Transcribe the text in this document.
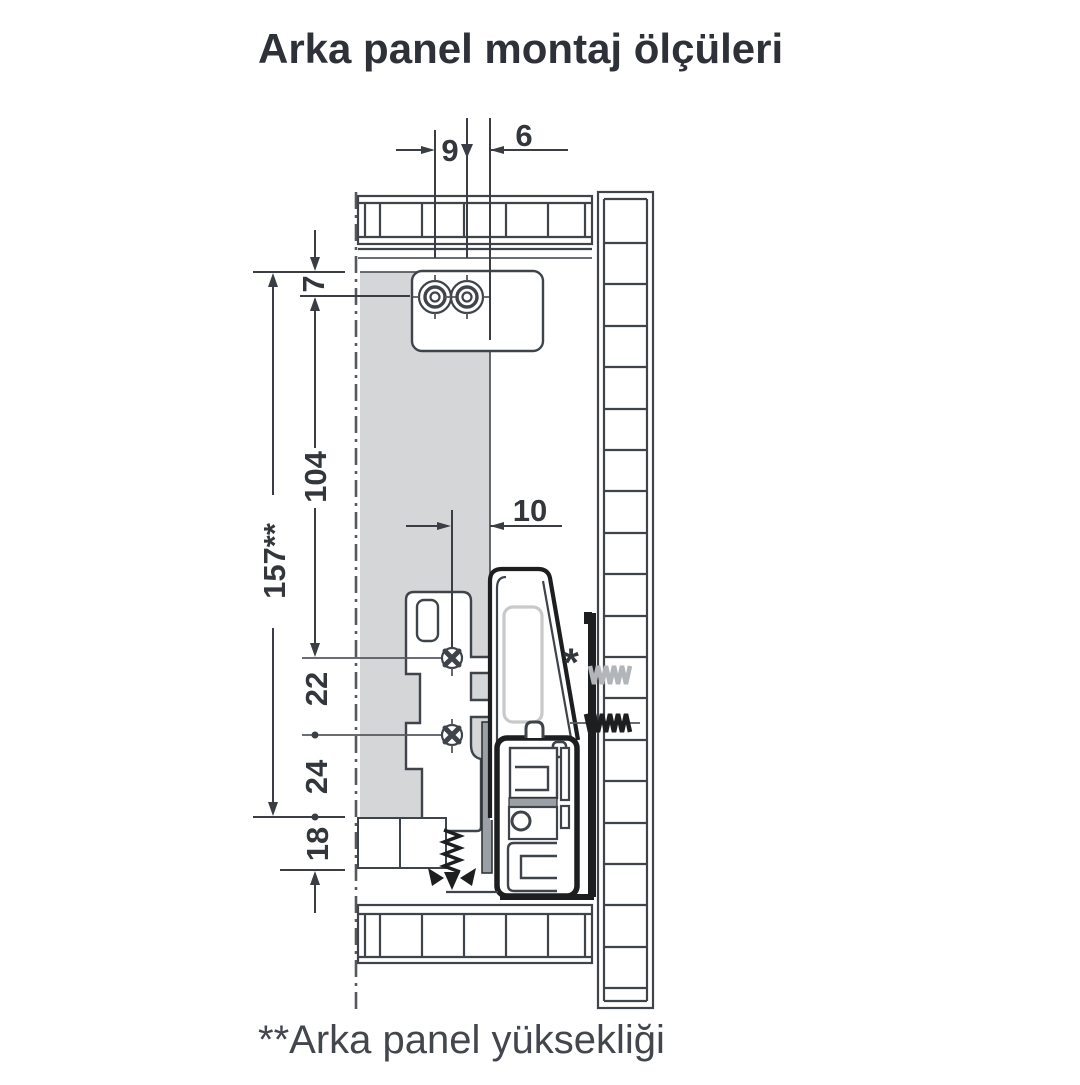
Arka panel montaj ölçüleri
9 6
10
*
7
104
157**
22
24
18
**Arka panel yüksekliği
